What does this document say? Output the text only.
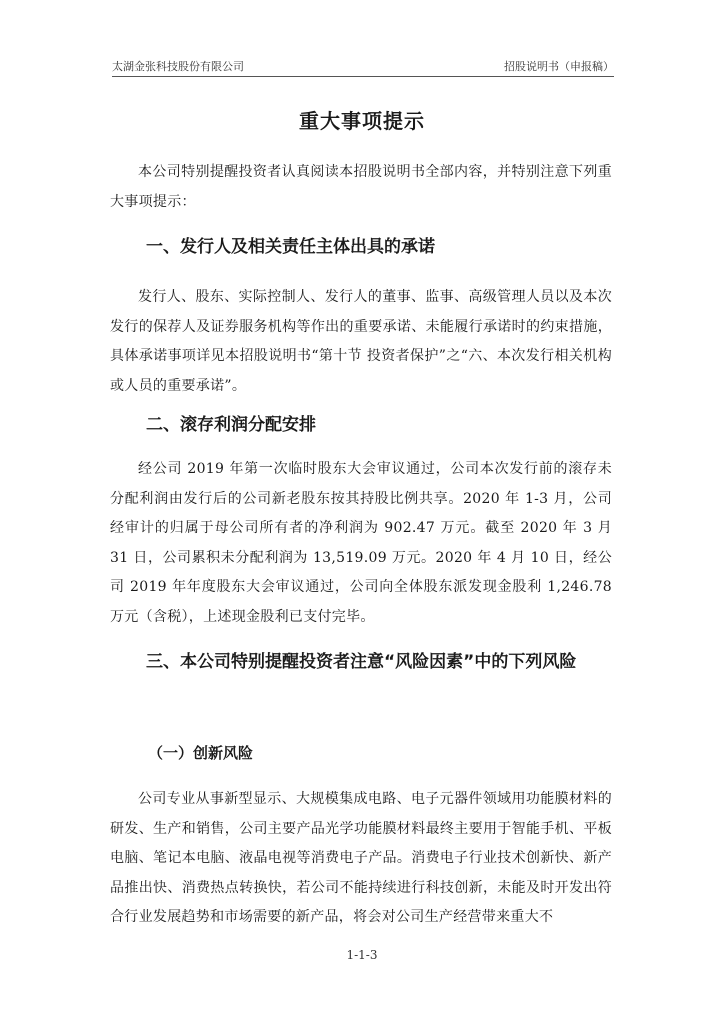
太湖金张科技股份有限公司	招股说明书（申报稿）
重大事项提示
本公司特别提醒投资者认真阅读本招股说明书全部内容，并特别注意下列重大事项提示：
一、发行人及相关责任主体出具的承诺
发行人、股东、实际控制人、发行人的董事、监事、高级管理人员以及本次发行的保荐人及证券服务机构等作出的重要承诺、未能履行承诺时的约束措施，具体承诺事项详见本招股说明书“第十节 投资者保护”之“六、本次发行相关机构或人员的重要承诺”。
二、滚存利润分配安排
经公司 2019 年第一次临时股东大会审议通过，公司本次发行前的滚存未分配利润由发行后的公司新老股东按其持股比例共享。2020 年 1-3 月，公司经审计的归属于母公司所有者的净利润为 902.47 万元。截至 2020 年 3 月 31 日，公司累积未分配利润为 13,519.09 万元。2020 年 4 月 10 日，经公司 2019 年年度股东大会审议通过，公司向全体股东派发现金股利 1,246.78 万元（含税），上述现金股利已支付完毕。
三、本公司特别提醒投资者注意“风险因素”中的下列风险
（一）创新风险
公司专业从事新型显示、大规模集成电路、电子元器件领域用功能膜材料的研发、生产和销售，公司主要产品光学功能膜材料最终主要用于智能手机、平板电脑、笔记本电脑、液晶电视等消费电子产品。消费电子行业技术创新快、新产品推出快、消费热点转换快，若公司不能持续进行科技创新，未能及时开发出符合行业发展趋势和市场需要的新产品，将会对公司生产经营带来重大不
1-1-3
